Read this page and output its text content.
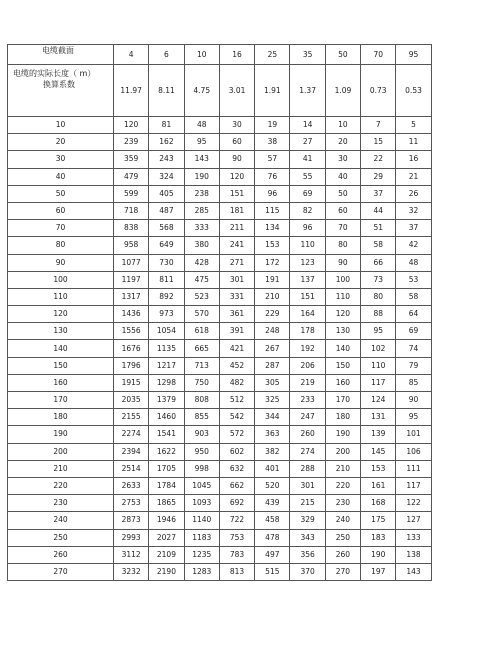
电缆截面	4	6	10	16	25	35	50	70	95

电缆的实际长度（ m）
换算系数	11.97	8.11	4.75	3.01	1.91	1.37	1.09	0.73	0.53
10	120	81	48	30	19	14	10	7	5
20	239	162	95	60	38	27	20	15	11
30	359	243	143	90	57	41	30	22	16
40	479	324	190	120	76	55	40	29	21
50	599	405	238	151	96	69	50	37	26
60	718	487	285	181	115	82	60	44	32
70	838	568	333	211	134	96	70	51	37
80	958	649	380	241	153	110	80	58	42
90	1077	730	428	271	172	123	90	66	48
100	1197	811	475	301	191	137	100	73	53
110	1317	892	523	331	210	151	110	80	58
120	1436	973	570	361	229	164	120	88	64
130	1556	1054	618	391	248	178	130	95	69
140	1676	1135	665	421	267	192	140	102	74
150	1796	1217	713	452	287	206	150	110	79
160	1915	1298	750	482	305	219	160	117	85
170	2035	1379	808	512	325	233	170	124	90
180	2155	1460	855	542	344	247	180	131	95
190	2274	1541	903	572	363	260	190	139	101
200	2394	1622	950	602	382	274	200	145	106
210	2514	1705	998	632	401	288	210	153	111
220	2633	1784	1045	662	520	301	220	161	117
230	2753	1865	1093	692	439	215	230	168	122
240	2873	1946	1140	722	458	329	240	175	127
250	2993	2027	1183	753	478	343	250	183	133
260	3112	2109	1235	783	497	356	260	190	138
270	3232	2190	1283	813	515	370	270	197	143
